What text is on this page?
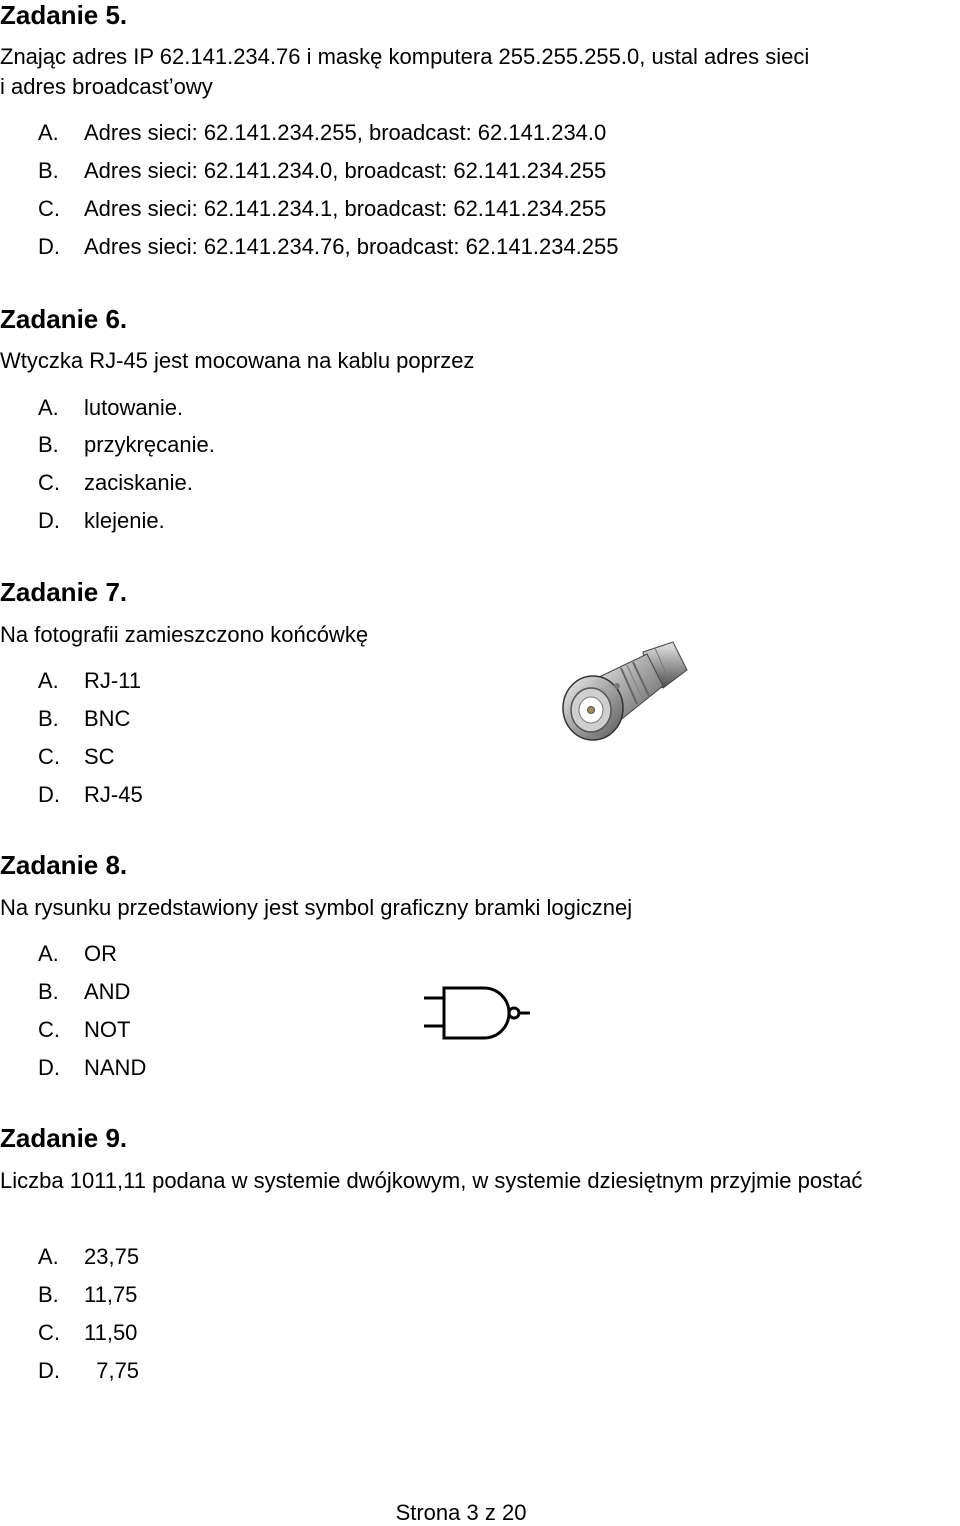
Zadanie 5.
Znając adres IP 62.141.234.76 i maskę komputera 255.255.255.0, ustal adres sieci
i adres broadcast’owy
A. Adres sieci: 62.141.234.255, broadcast: 62.141.234.0
B. Adres sieci: 62.141.234.0, broadcast: 62.141.234.255
C. Adres sieci: 62.141.234.1, broadcast: 62.141.234.255
D. Adres sieci: 62.141.234.76, broadcast: 62.141.234.255
Zadanie 6.
Wtyczka RJ-45 jest mocowana na kablu poprzez
A. lutowanie.
B. przykręcanie.
C. zaciskanie.
D. klejenie.
Zadanie 7.
Na fotografii zamieszczono końcówkę
A. RJ-11
B. BNC
C. SC
D. RJ-45
Zadanie 8.
Na rysunku przedstawiony jest symbol graficzny bramki logicznej
A. OR
B. AND
C. NOT
D. NAND
Zadanie 9.
Liczba 1011,11 podana w systemie dwójkowym, w systemie dziesiętnym przyjmie postać
A. 23,75
B. 11,75
C. 11,50
D.  7,75
Strona 3 z 20
